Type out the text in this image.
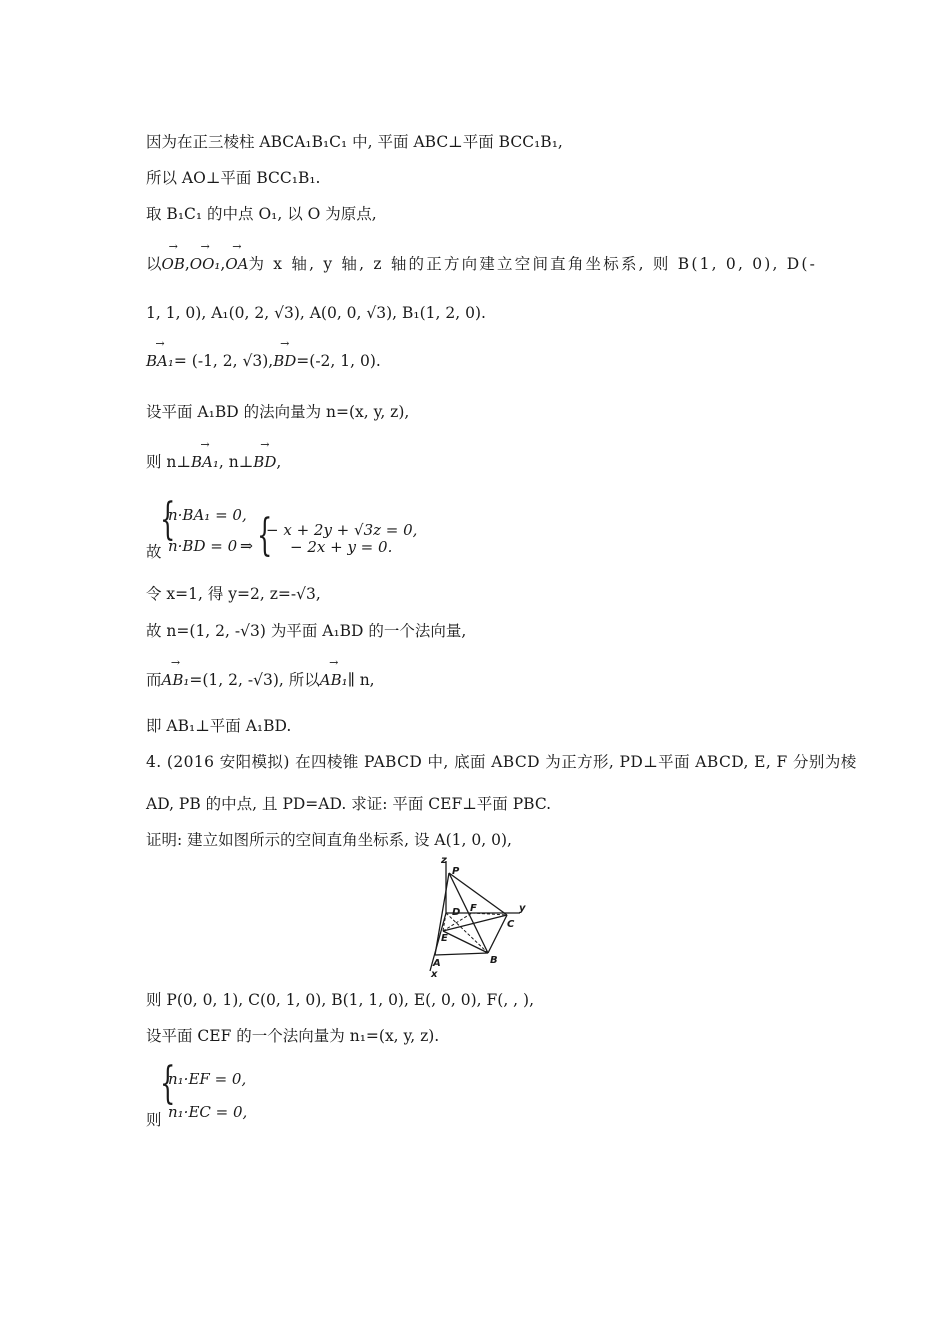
因为在正三棱柱 ABCA₁B₁C₁ 中, 平面 ABC⊥平面 BCC₁B₁,
所以 AO⊥平面 BCC₁B₁.
取 B₁C₁ 的中点 O₁, 以 O 为原点,
以
→
OB,
→
OO₁,
→
OA为 x 轴, y 轴, z 轴的正方向建立空间直角坐标系, 则 B(1, 0, 0), D(-
1, 1, 0), A₁(0, 2, √3), A(0, 0, √3), B₁(1, 2, 0).
→
BA₁= (-1, 2, √3),
→
BD=(-2, 1, 0).
设平面 A₁BD 的法向量为 n=(x, y, z),
则 n⊥
→
BA₁, n⊥
→
BD,
故
{
n·BA₁ = 0,
n·BD = 0 ⇒ {
− x + 2y + √3z = 0,
− 2x + y = 0.
令 x=1, 得 y=2, z=-√3,
故 n=(1, 2, -√3) 为平面 A₁BD 的一个法向量,
而
→
AB₁=(1, 2, -√3), 所以
→
AB₁∥ n,
即 AB₁⊥平面 A₁BD.
4. (2016 安阳模拟) 在四棱锥 PABCD 中, 底面 ABCD 为正方形, PD⊥平面 ABCD, E, F 分别为棱
AD, PB 的中点, 且 PD=AD. 求证: 平面 CEF⊥平面 PBC.
证明: 建立如图所示的空间直角坐标系, 设 A(1, 0, 0),
z
P
D F	y
C
E
A
x
B
则 P(0, 0, 1), C(0, 1, 0), B(1, 1, 0), E(, 0, 0), F(, , ),
设平面 CEF 的一个法向量为 n₁=(x, y, z).
则
{
n₁·EF = 0,
n₁·EC = 0,
